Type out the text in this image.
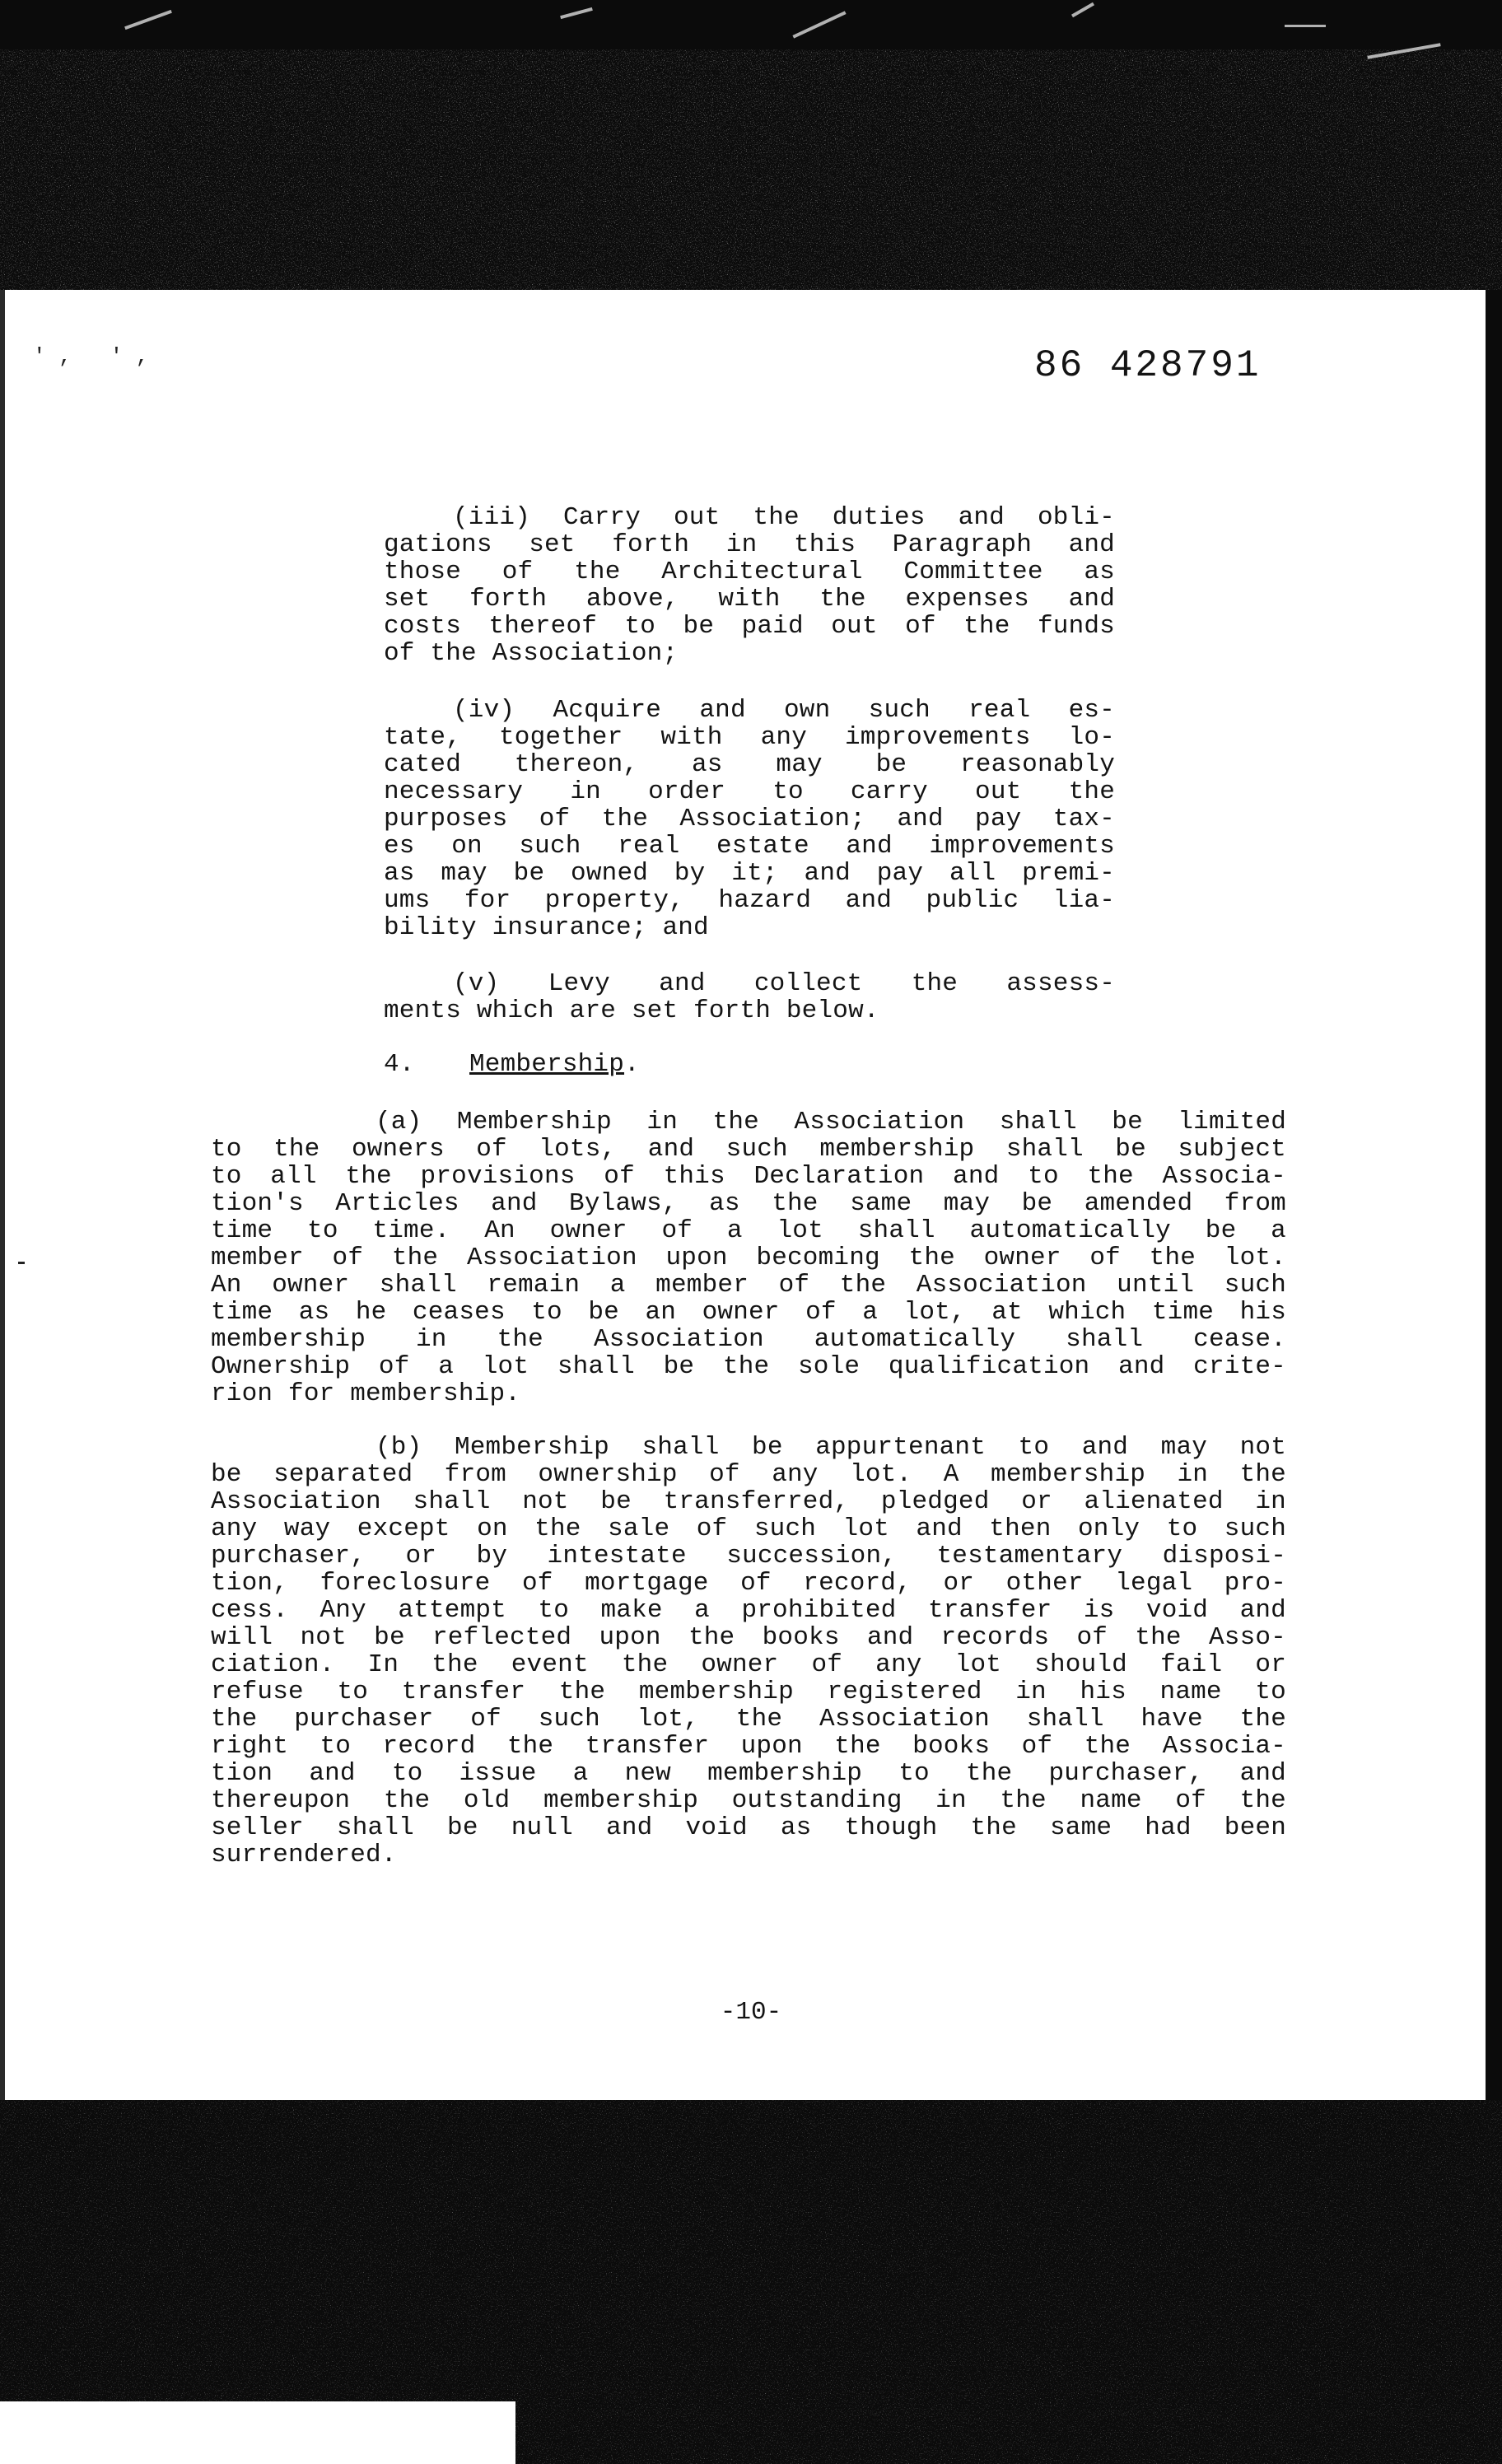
' ,   ' ,	86 428791
(iii) Carry out the duties and obli-
gations set forth in this Paragraph and
those of the Architectural Committee as
set forth above, with the expenses and
costs thereof to be paid out of the funds
of the Association;
(iv) Acquire and own such real es-
tate, together with any improvements lo-
cated thereon, as may be reasonably
necessary in order to carry out the
purposes of the Association; and pay tax-
es on such real estate and improvements
as may be owned by it; and pay all premi-
ums for property, hazard and public lia-
bility insurance; and
(v) Levy and collect the assess-
ments which are set forth below.
4. Membership.
(a) Membership in the Association shall be limited
to the owners of lots, and such membership shall be subject
to all the provisions of this Declaration and to the Associa-
tion's Articles and Bylaws, as the same may be amended from
time to time. An owner of a lot shall automatically be a
member of the Association upon becoming the owner of the lot.
An owner shall remain a member of the Association until such
time as he ceases to be an owner of a lot, at which time his
membership in the Association automatically shall cease.
Ownership of a lot shall be the sole qualification and crite-
rion for membership.
(b) Membership shall be appurtenant to and may not
be separated from ownership of any lot. A membership in the
Association shall not be transferred, pledged or alienated in
any way except on the sale of such lot and then only to such
purchaser, or by intestate succession, testamentary disposi-
tion, foreclosure of mortgage of record, or other legal pro-
cess. Any attempt to make a prohibited transfer is void and
will not be reflected upon the books and records of the Asso-
ciation. In the event the owner of any lot should fail or
refuse to transfer the membership registered in his name to
the purchaser of such lot, the Association shall have the
right to record the transfer upon the books of the Associa-
tion and to issue a new membership to the purchaser, and
thereupon the old membership outstanding in the name of the
seller shall be null and void as though the same had been
surrendered.
-10-
